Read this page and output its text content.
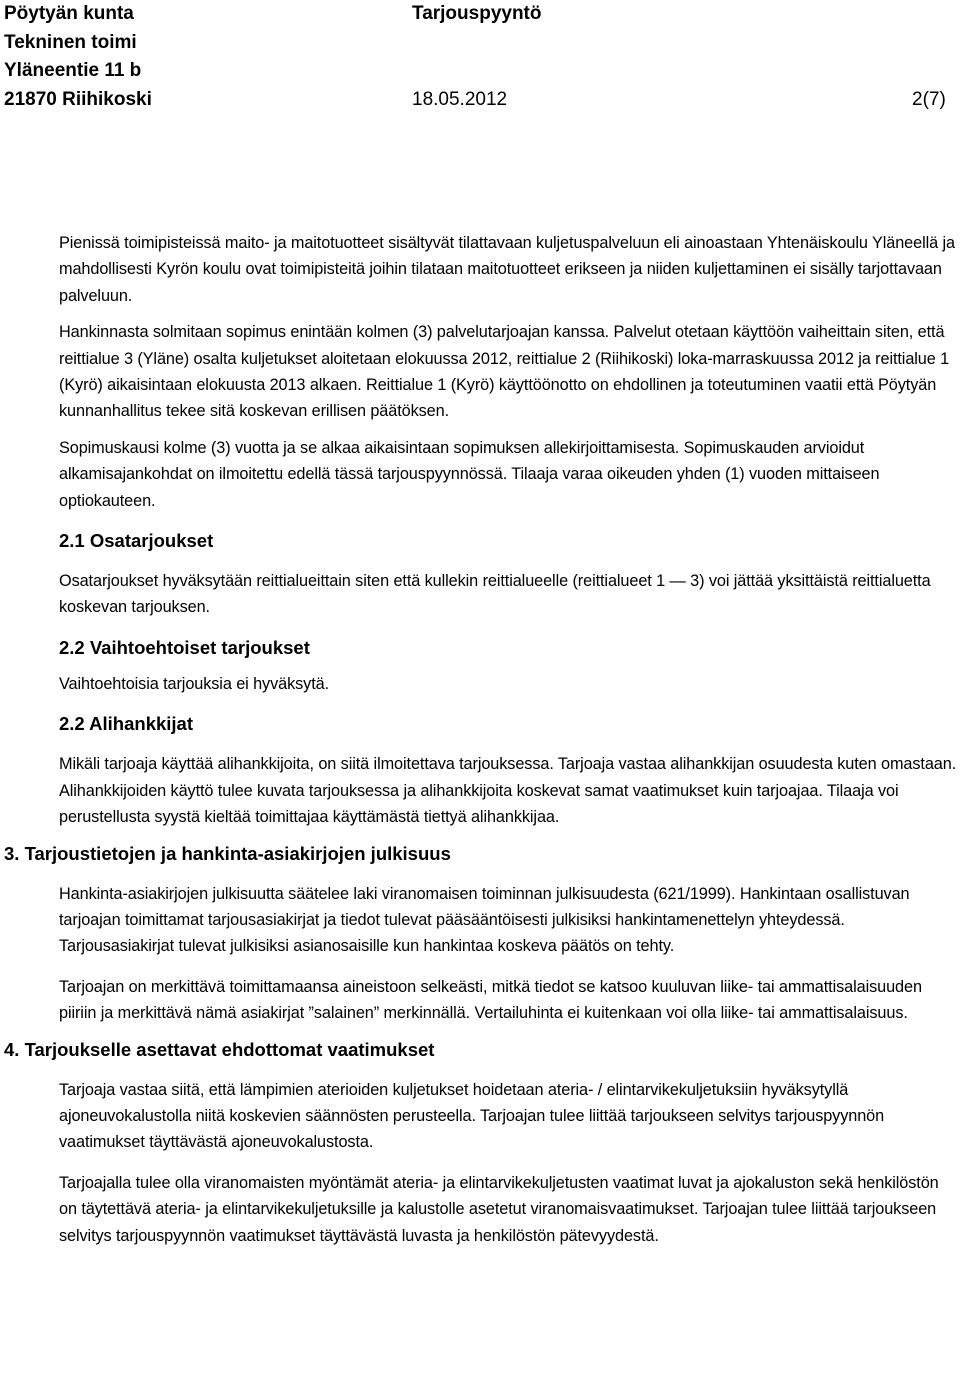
Pöytyän kunta
Tekninen toimi
Yläneentie 11 b
21870 Riihikoski
Tarjouspyyntö
18.05.2012	2(7)

Pienissä toimipisteissä maito- ja maitotuotteet sisältyvät tilattavaan kuljetuspalveluun eli ainoastaan Yhtenäiskoulu Yläneellä ja mahdollisesti Kyrön koulu ovat toimipisteitä joihin tilataan maitotuotteet erikseen ja niiden kuljettaminen ei sisälly tarjottavaan palveluun.

Hankinnasta solmitaan sopimus enintään kolmen (3) palvelutarjoajan kanssa. Palvelut otetaan käyttöön vaiheittain siten, että reittialue 3 (Yläne) osalta kuljetukset aloitetaan elokuussa 2012, reittialue 2 (Riihikoski) loka-marraskuussa 2012 ja reittialue 1 (Kyrö) aikaisintaan elokuusta 2013 alkaen. Reittialue 1 (Kyrö) käyttöönotto on ehdollinen ja toteutuminen vaatii että Pöytyän kunnanhallitus tekee sitä koskevan erillisen päätöksen.

Sopimuskausi kolme (3) vuotta ja se alkaa aikaisintaan sopimuksen allekirjoittamisesta. Sopimuskauden arvioidut alkamisajankohdat on ilmoitettu edellä tässä tarjouspyynnössä. Tilaaja varaa oikeuden yhden (1) vuoden mittaiseen optiokauteen.

2.1 Osatarjoukset

Osatarjoukset hyväksytään reittialueittain siten että kullekin reittialueelle (reittialueet 1 — 3) voi jättää yksittäistä reittialuetta koskevan tarjouksen.

2.2 Vaihtoehtoiset tarjoukset

Vaihtoehtoisia tarjouksia ei hyväksytä.

2.2 Alihankkijat

Mikäli tarjoaja käyttää alihankkijoita, on siitä ilmoitettava tarjouksessa. Tarjoaja vastaa alihankkijan osuudesta kuten omastaan. Alihankkijoiden käyttö tulee kuvata tarjouksessa ja alihankkijoita koskevat samat vaatimukset kuin tarjoajaa. Tilaaja voi perustellusta syystä kieltää toimittajaa käyttämästä tiettyä alihankkijaa.

3. Tarjoustietojen ja hankinta-asiakirjojen julkisuus

Hankinta-asiakirjojen julkisuutta säätelee laki viranomaisen toiminnan julkisuudesta (621/1999). Hankintaan osallistuvan tarjoajan toimittamat tarjousasiakirjat ja tiedot tulevat pääsääntöisesti julkisiksi hankintamenettelyn yhteydessä. Tarjousasiakirjat tulevat julkisiksi asianosaisille kun hankintaa koskeva päätös on tehty.

Tarjoajan on merkittävä toimittamaansa aineistoon selkeästi, mitkä tiedot se katsoo kuuluvan liike- tai ammattisalaisuuden piiriin ja merkittävä nämä asiakirjat ”salainen” merkinnällä. Vertailuhinta ei kuitenkaan voi olla liike- tai ammattisalaisuus.

4. Tarjoukselle asettavat ehdottomat vaatimukset

Tarjoaja vastaa siitä, että lämpimien aterioiden kuljetukset hoidetaan ateria- / elintarvikekuljetuksiin hyväksytyllä ajoneuvokalustolla niitä koskevien säännösten perusteella. Tarjoajan tulee liittää tarjoukseen selvitys tarjouspyynnön vaatimukset täyttävästä ajoneuvokalustosta.

Tarjoajalla tulee olla viranomaisten myöntämät ateria- ja elintarvikekuljetusten vaatimat luvat ja ajokaluston sekä henkilöstön on täytettävä ateria- ja elintarvikekuljetuksille ja kalustolle asetetut viranomaisvaatimukset. Tarjoajan tulee liittää tarjoukseen selvitys tarjouspyynnön vaatimukset täyttävästä luvasta ja henkilöstön pätevyydestä.
